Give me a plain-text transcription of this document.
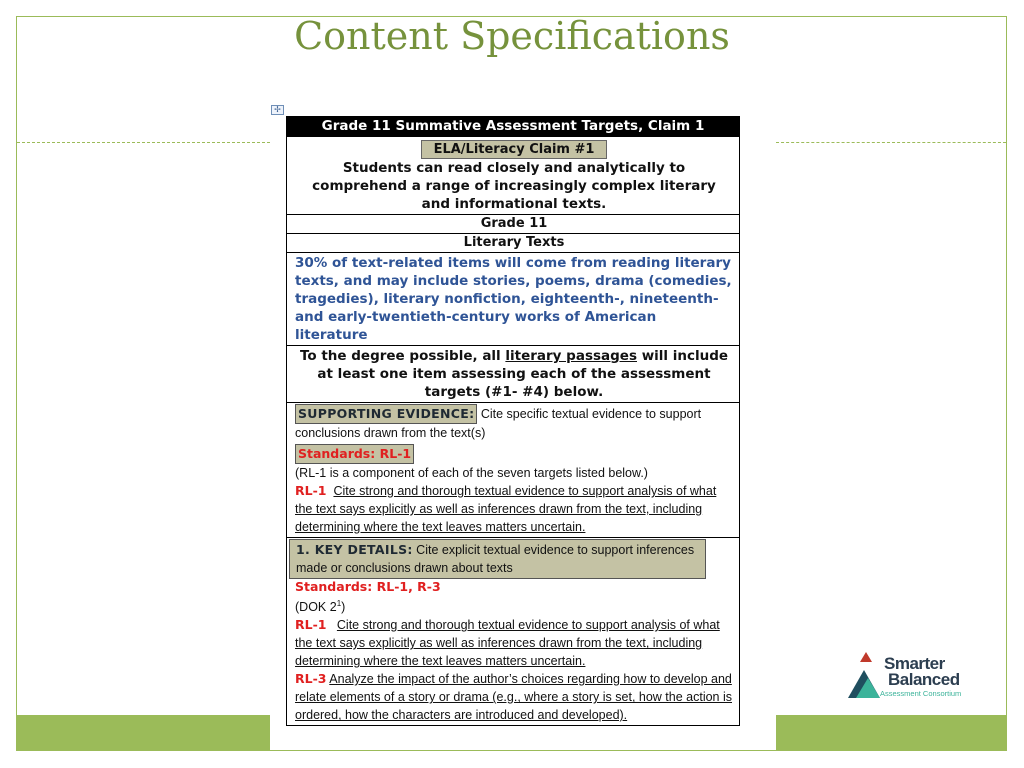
Content Specifications
Grade 11 Summative Assessment Targets, Claim 1
ELA/Literacy Claim #1
Students can read closely and analytically to comprehend a range of increasingly complex literary and informational texts.
Grade 11
Literary Texts
30% of text-related items will come from reading literary texts, and may include stories, poems, drama (comedies, tragedies), literary nonfiction, eighteenth-, nineteenth- and early-twentieth-century works of American literature
To the degree possible, all literary passages will include at least one item assessing each of the assessment targets (#1- #4) below.
SUPPORTING EVIDENCE: Cite specific textual evidence to support conclusions drawn from the text(s)
Standards: RL-1
(RL-1 is a component of each of the seven targets listed below.)
RL-1 Cite strong and thorough textual evidence to support analysis of what the text says explicitly as well as inferences drawn from the text, including determining where the text leaves matters uncertain.
1. KEY DETAILS: Cite explicit textual evidence to support inferences made or conclusions drawn about texts
Standards: RL-1, R-3
(DOK $2^1$)
RL-1 Cite strong and thorough textual evidence to support analysis of what the text says explicitly as well as inferences drawn from the text, including determining where the text leaves matters uncertain.
RL-3 Analyze the impact of the author’s choices regarding how to develop and relate elements of a story or drama (e.g., where a story is set, how the action is ordered, how the characters are introduced and developed).
✢
Smarter
Balanced
Assessment Consortium
